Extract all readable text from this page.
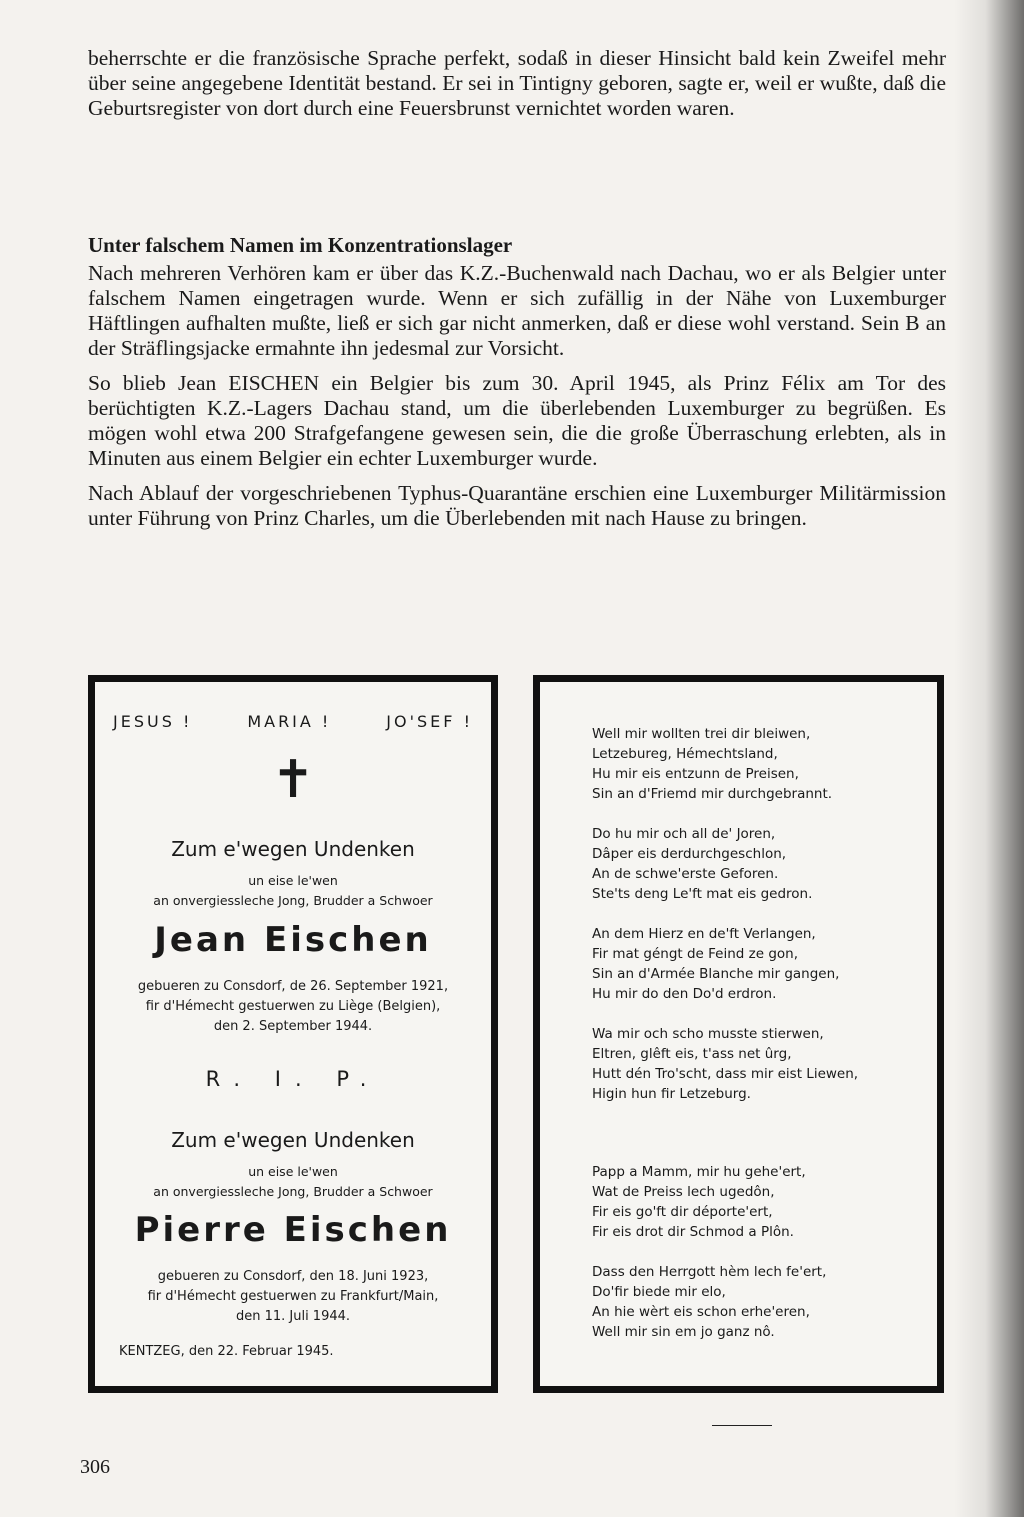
beherrschte er die französische Sprache perfekt, sodaß in dieser Hinsicht bald kein Zweifel mehr über seine angegebene Identität bestand. Er sei in Tintigny geboren, sagte er, weil er wußte, daß die Geburtsregister von dort durch eine Feuersbrunst vernichtet worden waren.

Unter falschem Namen im Konzentrationslager

Nach mehreren Verhören kam er über das K.Z.-Buchenwald nach Dachau, wo er als Belgier unter falschem Namen eingetragen wurde. Wenn er sich zufällig in der Nähe von Luxemburger Häftlingen aufhalten mußte, ließ er sich gar nicht anmerken, daß er diese wohl verstand. Sein B an der Sträflingsjacke ermahnte ihn jedesmal zur Vorsicht.

So blieb Jean EISCHEN ein Belgier bis zum 30. April 1945, als Prinz Félix am Tor des berüchtigten K.Z.-Lagers Dachau stand, um die überlebenden Luxemburger zu begrüßen. Es mögen wohl etwa 200 Strafgefangene gewesen sein, die die große Überraschung erlebten, als in Minuten aus einem Belgier ein echter Luxemburger wurde.

Nach Ablauf der vorgeschriebenen Typhus-Quarantäne erschien eine Luxemburger Militärmission unter Führung von Prinz Charles, um die Überlebenden mit nach Hause zu bringen.

JESUS !	MARIA !	JO'SEF !

✝

Zum e'wegen Undenken

un eise le'wen

an onvergiessleche Jong, Brudder a Schwoer

Jean Eischen

gebueren zu Consdorf, de 26. September 1921,

fir d'Hémecht gestuerwen zu Liège (Belgien),

den 2. September 1944.

R. I. P.

Zum e'wegen Undenken

un eise le'wen

an onvergiessleche Jong, Brudder a Schwoer

Pierre Eischen

gebueren zu Consdorf, den 18. Juni 1923,

fir d'Hémecht gestuerwen zu Frankfurt/Main,

den 11. Juli 1944.

KENTZEG, den 22. Februar 1945.

Well mir wollten trei dir bleiwen,
Letzebureg, Hémechtsland,
Hu mir eis entzunn de Preisen,
Sin an d'Friemd mir durchgebrannt.
Do hu mir och all de' Joren,
Dâper eis derdurchgeschlon,
An de schwe'erste Geforen.
Ste'ts deng Le'ft mat eis gedron.
An dem Hierz en de'ft Verlangen,
Fir mat géngt de Feind ze gon,
Sin an d'Armée Blanche mir gangen,
Hu mir do den Do'd erdron.
Wa mir och scho musste stierwen,
Eltren, glêft eis, t'ass net ûrg,
Hutt dén Tro'scht, dass mir eist Liewen,
Higin hun fir Letzeburg.
Papp a Mamm, mir hu gehe'ert,
Wat de Preiss lech ugedôn,
Fir eis go'ft dir déporte'ert,
Fir eis drot dir Schmod a Plôn.
Dass den Herrgott hèm lech fe'ert,
Do'fir biede mir elo,
An hie wèrt eis schon erhe'eren,
Well mir sin em jo ganz nô.

306
